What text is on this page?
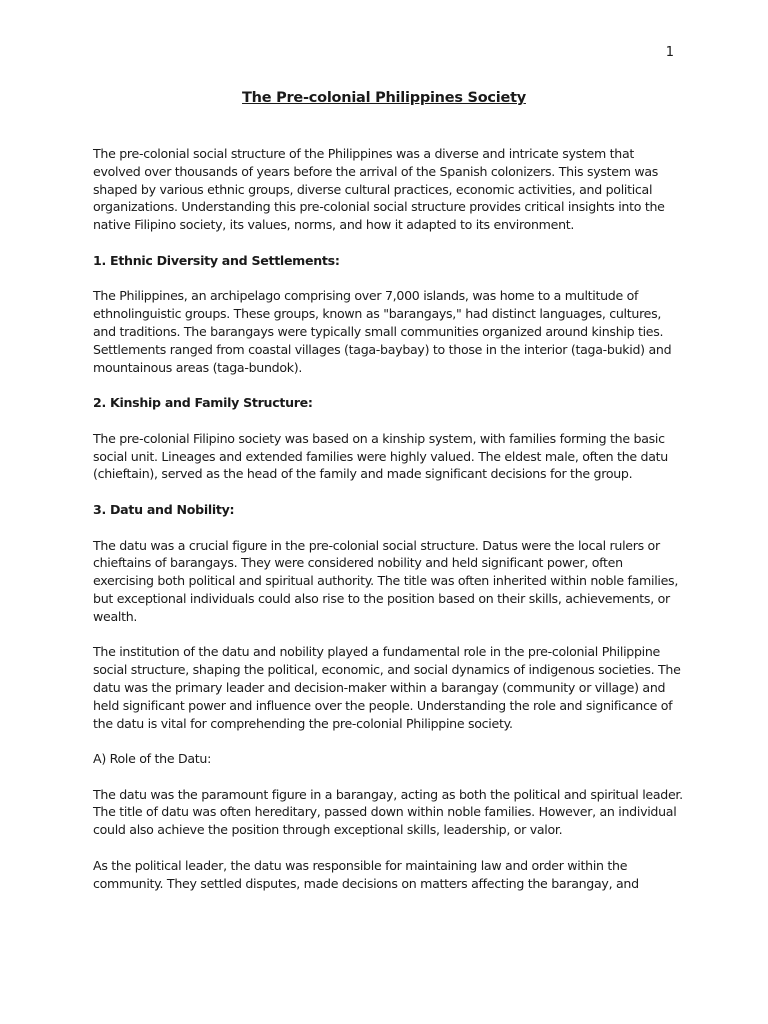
1
The Pre-colonial Philippines Society

The pre-colonial social structure of the Philippines was a diverse and intricate system that evolved over thousands of years before the arrival of the Spanish colonizers. This system was shaped by various ethnic groups, diverse cultural practices, economic activities, and political organizations. Understanding this pre-colonial social structure provides critical insights into the native Filipino society, its values, norms, and how it adapted to its environment.

1. Ethnic Diversity and Settlements:

The Philippines, an archipelago comprising over 7,000 islands, was home to a multitude of ethnolinguistic groups. These groups, known as "barangays," had distinct languages, cultures, and traditions. The barangays were typically small communities organized around kinship ties. Settlements ranged from coastal villages (taga-baybay) to those in the interior (taga-bukid) and mountainous areas (taga-bundok).

2. Kinship and Family Structure:

The pre-colonial Filipino society was based on a kinship system, with families forming the basic social unit. Lineages and extended families were highly valued. The eldest male, often the datu (chieftain), served as the head of the family and made significant decisions for the group.

3. Datu and Nobility:

The datu was a crucial figure in the pre-colonial social structure. Datus were the local rulers or chieftains of barangays. They were considered nobility and held significant power, often exercising both political and spiritual authority. The title was often inherited within noble families, but exceptional individuals could also rise to the position based on their skills, achievements, or wealth.

The institution of the datu and nobility played a fundamental role in the pre-colonial Philippine social structure, shaping the political, economic, and social dynamics of indigenous societies. The datu was the primary leader and decision-maker within a barangay (community or village) and held significant power and influence over the people. Understanding the role and significance of the datu is vital for comprehending the pre-colonial Philippine society.

A) Role of the Datu:

The datu was the paramount figure in a barangay, acting as both the political and spiritual leader. The title of datu was often hereditary, passed down within noble families. However, an individual could also achieve the position through exceptional skills, leadership, or valor.

As the political leader, the datu was responsible for maintaining law and order within the community. They settled disputes, made decisions on matters affecting the barangay, and
